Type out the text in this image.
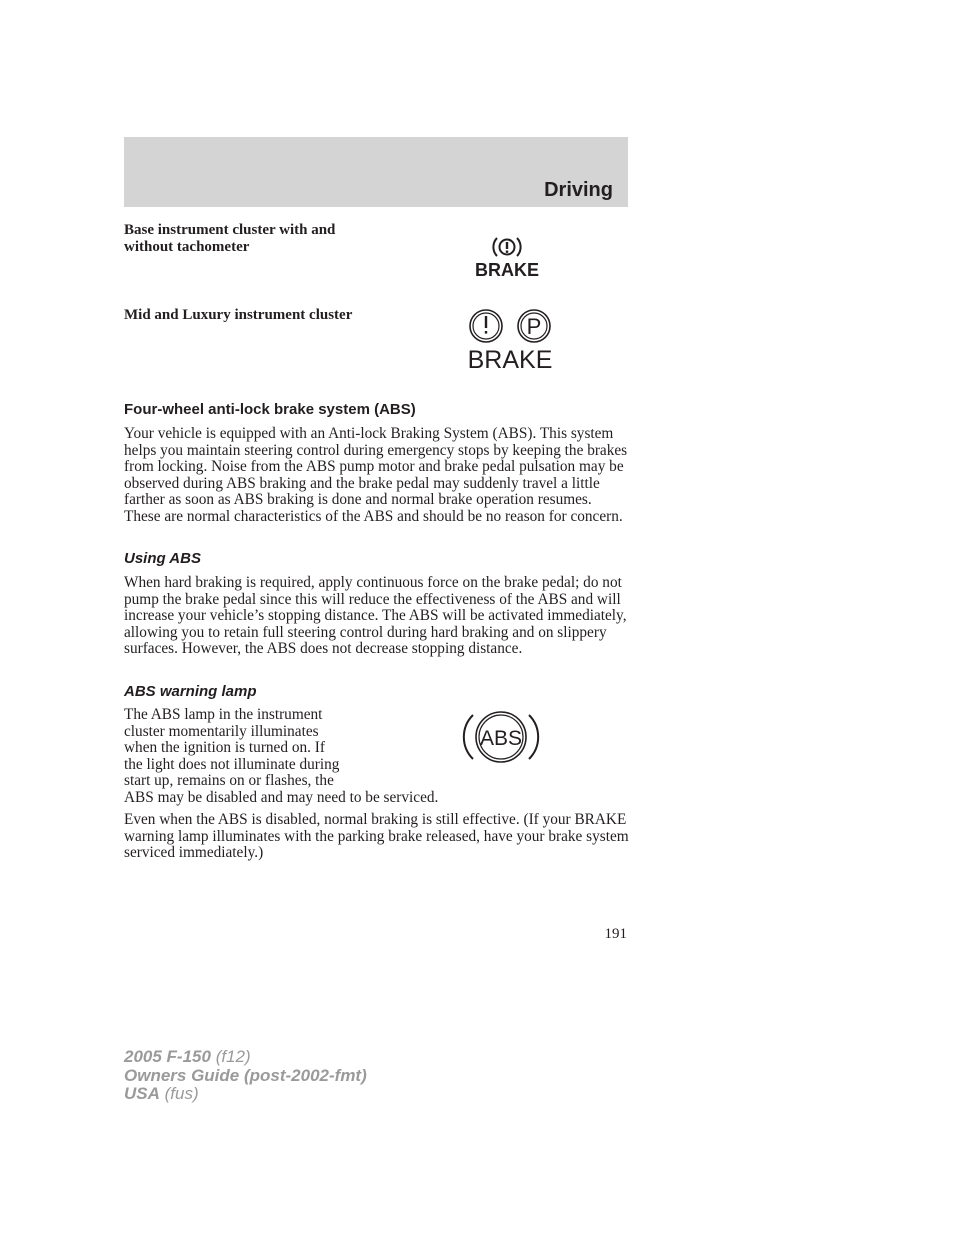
Driving
Base instrument cluster with and without tachometer
BRAKE
Mid and Luxury instrument cluster	P
BRAKE
Four-wheel anti-lock brake system (ABS)

Your vehicle is equipped with an Anti-lock Braking System (ABS). This system helps you maintain steering control during emergency stops by keeping the brakes from locking. Noise from the ABS pump motor and brake pedal pulsation may be observed during ABS braking and the brake pedal may suddenly travel a little farther as soon as ABS braking is done and normal brake operation resumes. These are normal characteristics of the ABS and should be no reason for concern.

Using ABS

When hard braking is required, apply continuous force on the brake pedal; do not pump the brake pedal since this will reduce the effectiveness of the ABS and will increase your vehicle’s stopping distance. The ABS will be activated immediately, allowing you to retain full steering control during hard braking and on slippery surfaces. However, the ABS does not decrease stopping distance.

ABS warning lamp
The ABS lamp in the instrument
cluster momentarily illuminates
when the ignition is turned on. If
the light does not illuminate during
start up, remains on or flashes, the
ABS may be disabled and may need to be serviced.
ABS

Even when the ABS is disabled, normal braking is still effective. (If your BRAKE warning lamp illuminates with the parking brake released, have your brake system serviced immediately.)

191
2005 F-150 (f12)
Owners Guide (post-2002-fmt)
USA (fus)
